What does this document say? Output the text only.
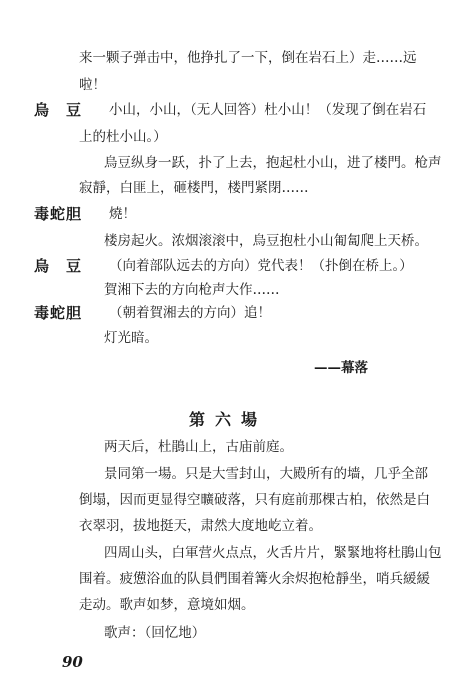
来一颗子弹击中，他挣扎了一下，倒在岩石上）走……远
啦！
烏　豆 小山，小山，（无人回答）杜小山！（发现了倒在岩石
上的杜小山。）
烏豆纵身一跃，扑了上去，抱起杜小山，进了楼門。枪声
寂靜，白匪上，砸楼門，楼門紧閉……
毒蛇胆 燒！
楼房起火。浓烟滚滚中，烏豆抱杜小山匍匐爬上天桥。
烏　豆 （向着部队远去的方向）党代表！（扑倒在桥上。）
賀湘下去的方向枪声大作……
毒蛇胆 （朝着賀湘去的方向）追！
灯光暗。
——幕落
第六場
两天后，杜鵑山上，古庙前庭。
景同第一場。只是大雪封山，大殿所有的墙，几乎全部
倒塌，因而更显得空曠破落，只有庭前那棵古柏，依然是白
衣翠羽，拔地挺天，肃然大度地屹立着。
四周山头，白軍营火点点，火舌片片，緊緊地将杜鵑山包
围着。疲憊浴血的队員們围着篝火余烬抱枪靜坐，哨兵緩緩
走动。歌声如梦，意境如烟。
歌声：（回忆地）
90
